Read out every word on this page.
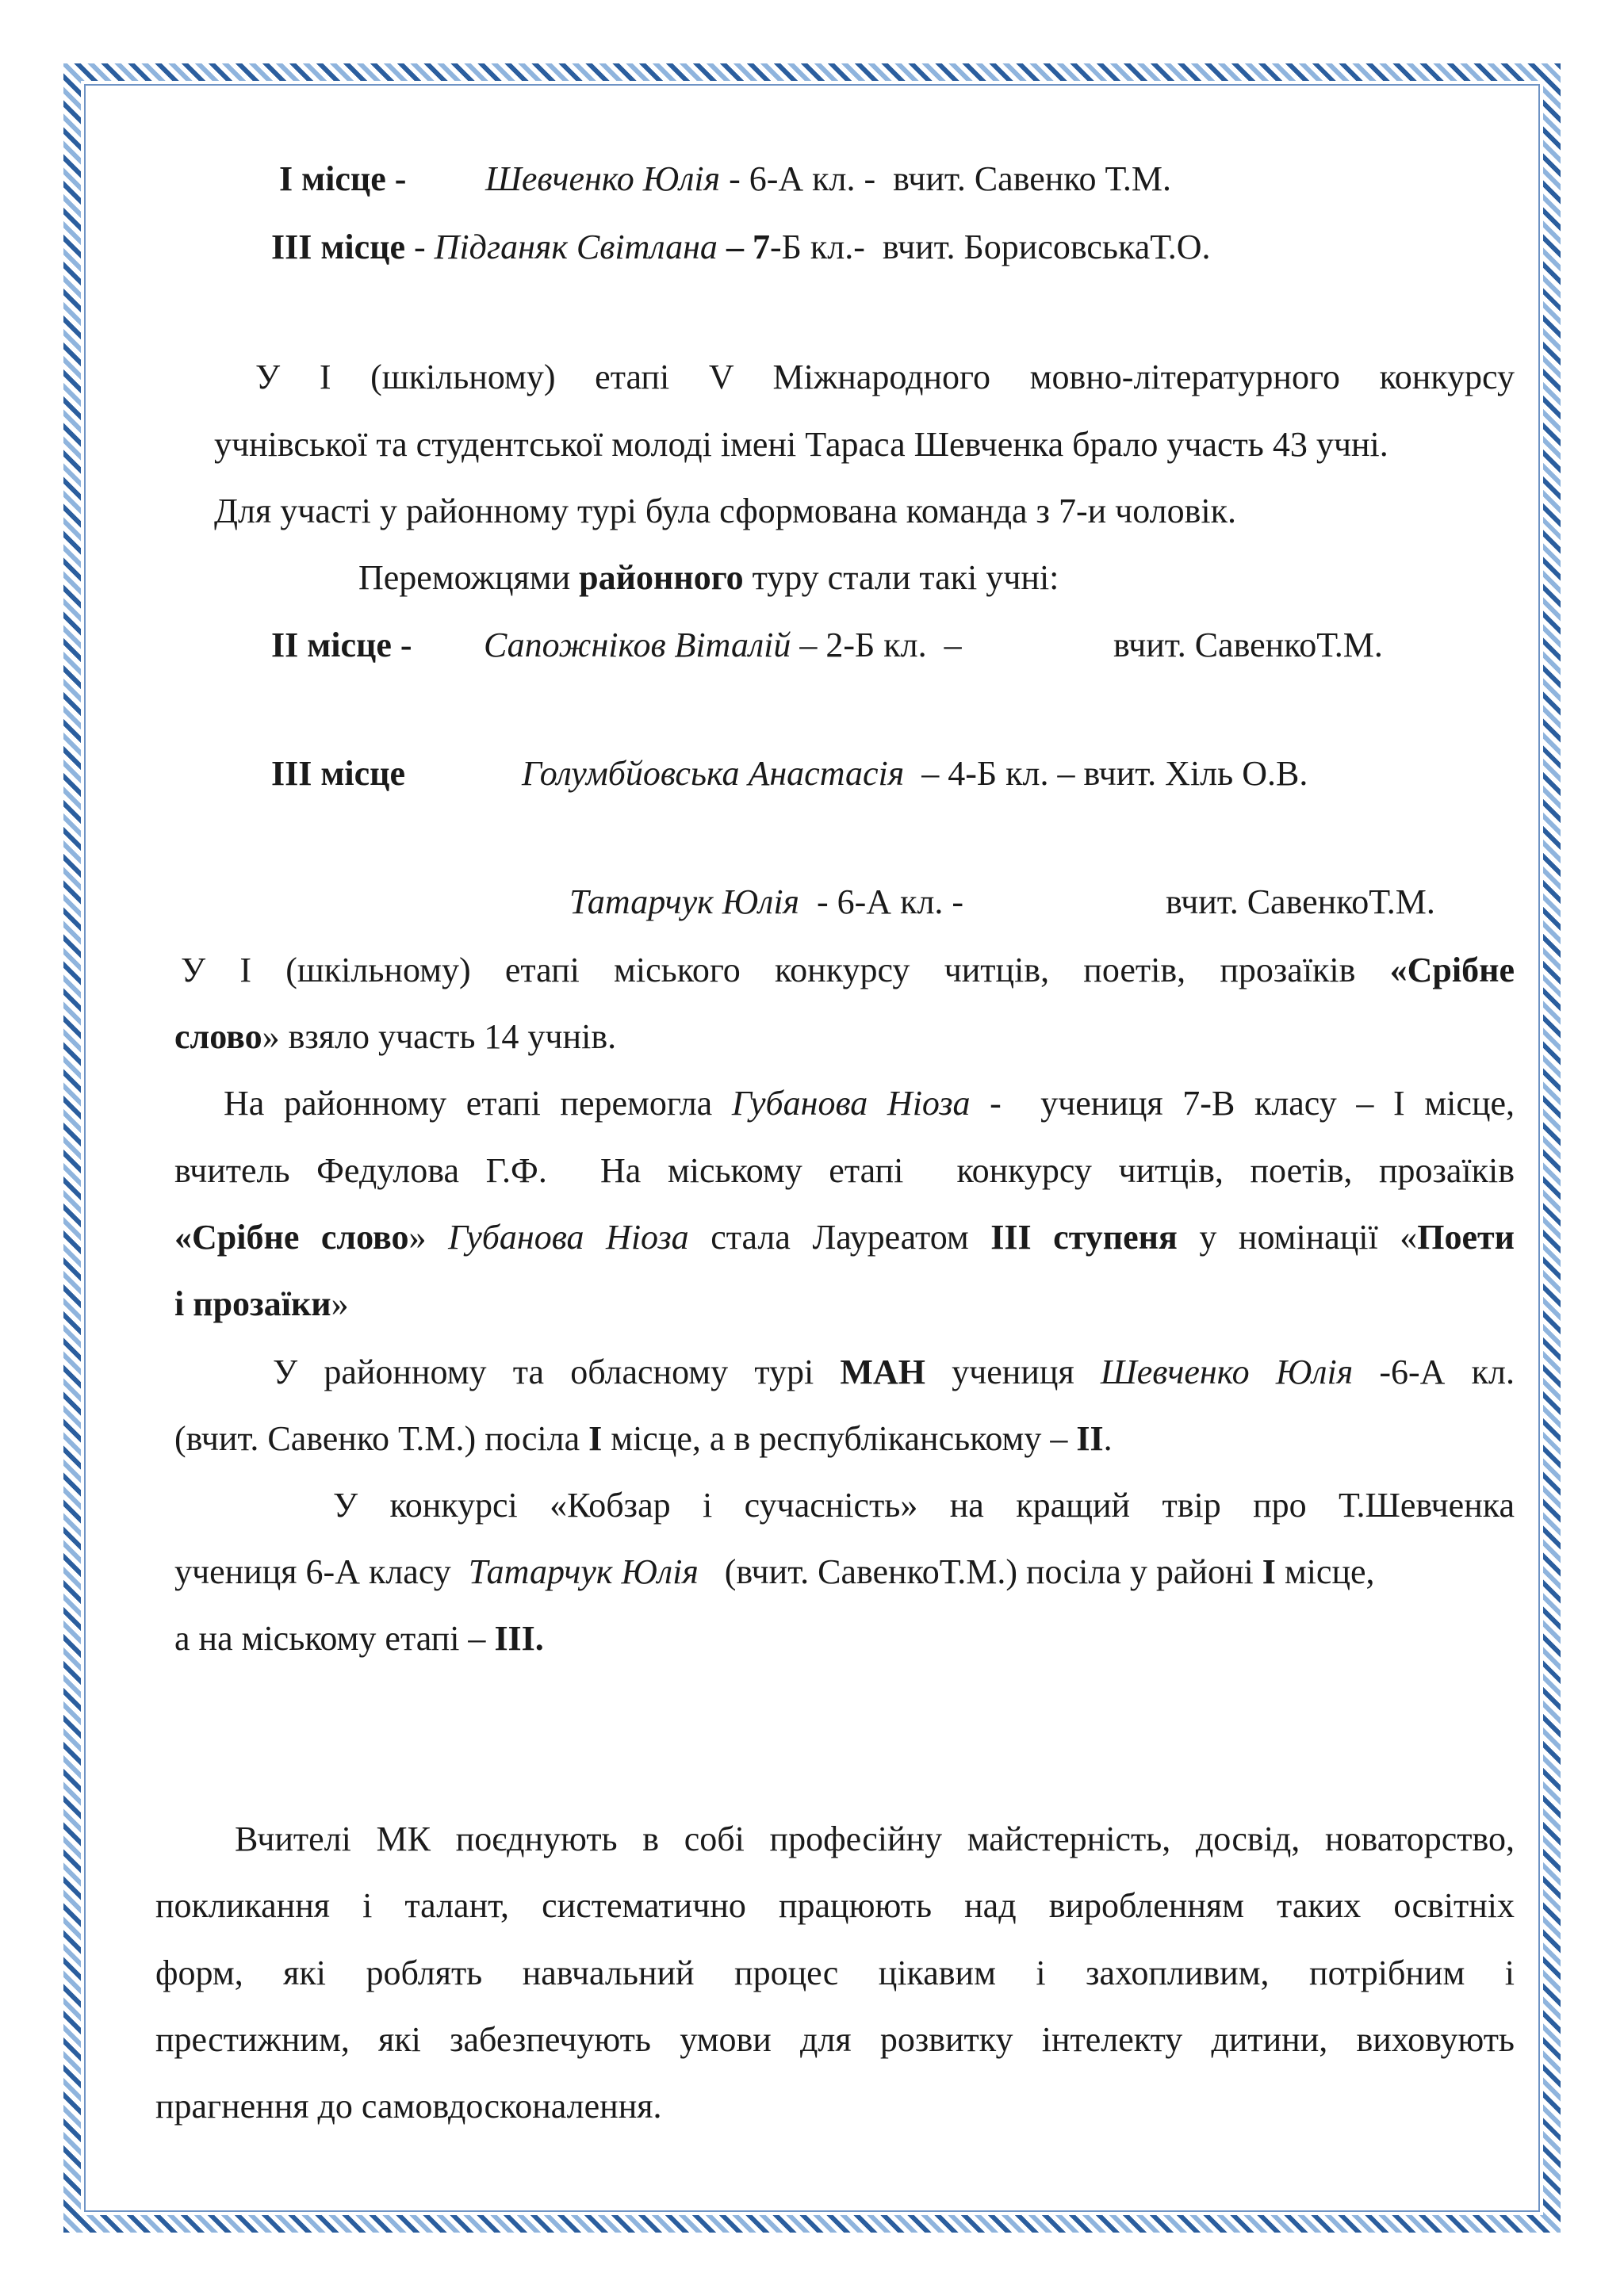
І місце - Шевченко Юлія - 6-А кл. - вчит. Савенко Т.М.
ІІІ місце - Підганяк Світлана – 7-Б кл.- вчит. БорисовськаТ.О.
У І (шкільному) етапі V Міжнародного мовно-літературного конкурсу
учнівської та студентської молоді імені Тараса Шевченка брало участь 43 учні.
Для участі у районному турі була сформована команда з 7-и чоловік.
Переможцями районного туру стали такі учні:
ІІ місце - Сапожніков Віталій – 2-Б кл.  –	вчит. СавенкоТ.М.
ІІІ місце	Голумбйовська Анастасія  – 4-Б кл. – вчит. Хіль О.В.
Татарчук Юлія  - 6-А кл. -	вчит. СавенкоТ.М.
У І (шкільному) етапі міського конкурсу читців, поетів, прозаїків «Срібне
слово» взяло участь 14 учнів.
На районному етапі перемогла Губанова Ніоза -  учениця 7-В класу – І місце,
вчитель Федулова Г.Ф.  На міському етапі  конкурсу читців, поетів, прозаїків
«Срібне слово» Губанова Ніоза стала Лауреатом ІІІ ступеня у номінації «Поети
і прозаїки»
У районному та обласному турі МАН учениця Шевченко Юлія -6-А кл.
(вчит. Савенко Т.М.) посіла І місце, а в республіканському – ІІ.
У конкурсі «Кобзар і сучасність» на кращий твір про Т.Шевченка
учениця 6-А класу  Татарчук Юлія   (вчит. СавенкоТ.М.) посіла у районі І місце,
а на міському етапі – ІІІ.
Вчителі МК поєднують в собі професійну майстерність, досвід, новаторство,
покликання і талант, систематично працюють над виробленням таких освітніх
форм, які роблять навчальний процес цікавим і захопливим, потрібним і
престижним, які забезпечують умови для розвитку інтелекту дитини, виховують
прагнення до самовдосконалення.
